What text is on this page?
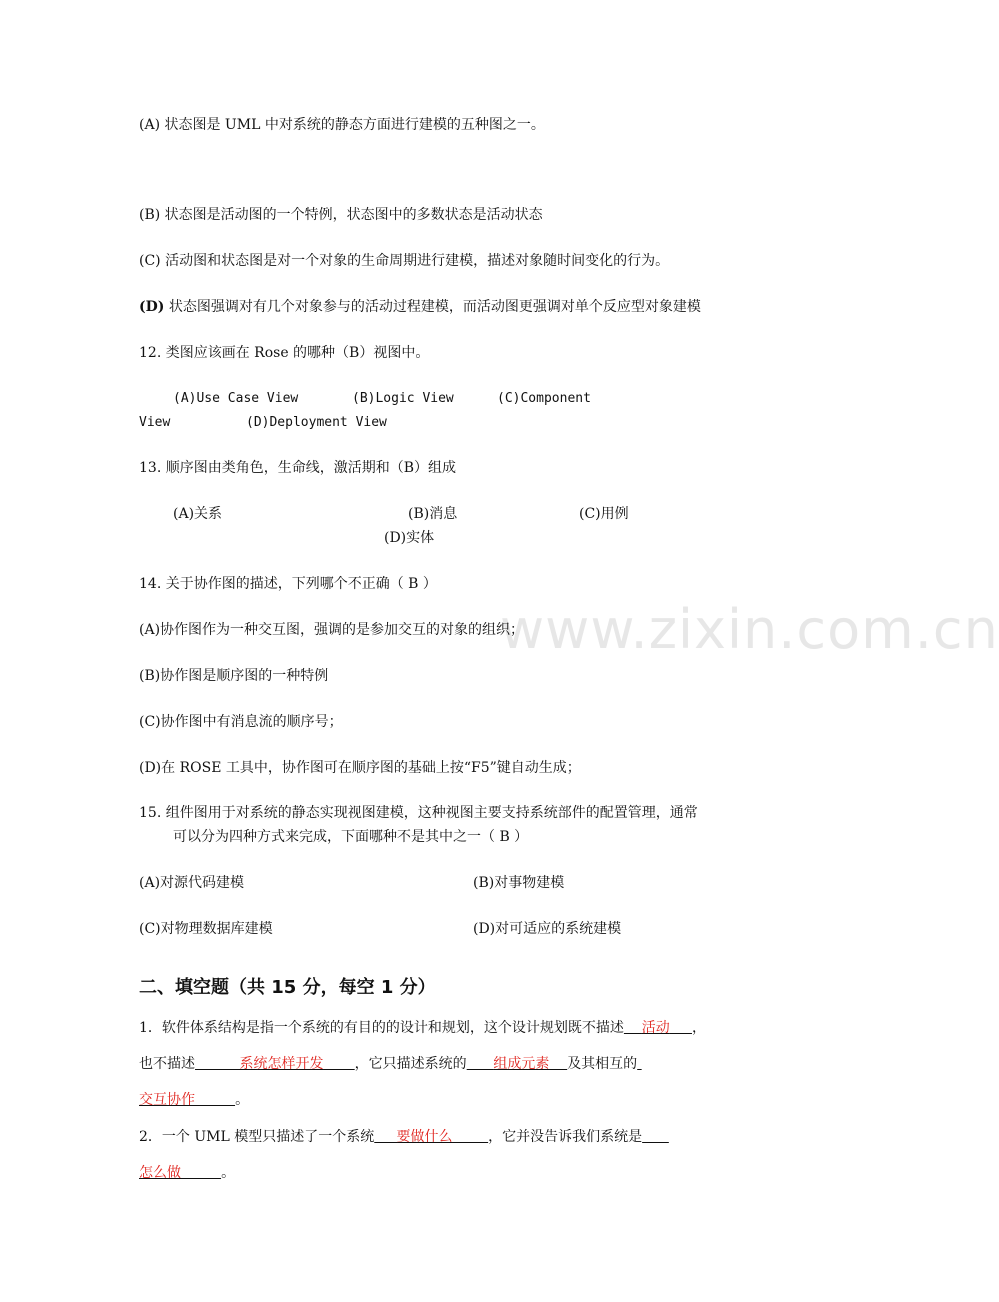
www.zixin.com.cn
(A) 状态图是 UML 中对系统的静态方面进行建模的五种图之一。
(B) 状态图是活动图的一个特例，状态图中的多数状态是活动状态
(C) 活动图和状态图是对一个对象的生命周期进行建模，描述对象随时间变化的行为。
(D) 状态图强调对有几个对象参与的活动过程建模，而活动图更强调对单个反应型对象建模
12. 类图应该画在 Rose 的哪种（B）视图中。
(A)Use Case View	(B)Logic View	(C)Component
View	(D)Deployment View
13. 顺序图由类角色，生命线，激活期和（B）组成
(A)关系	(B)消息	(C)用例
(D)实体
14. 关于协作图的描述，下列哪个不正确（ B ）
(A)协作图作为一种交互图，强调的是参加交互的对象的组织；
(B)协作图是顺序图的一种特例
(C)协作图中有消息流的顺序号；
(D)在 ROSE 工具中，协作图可在顺序图的基础上按“F5”键自动生成；
15. 组件图用于对系统的静态实现视图建模，这种视图主要支持系统部件的配置管理，通常
可以分为四种方式来完成，下面哪种不是其中之一（ B ）
(A)对源代码建模	(B)对事物建模
(C)对物理数据库建模	(D)对可适应的系统建模
二、填空题（共 15 分，每空 1 分）
1．软件体系结构是指一个系统的有目的的设计和规划，这个设计规划既不描述 活动 ，
也不描述	系统怎样开发 ，它只描述系统的 组成元素 及其相互的
交互协作	。
2．一个 UML 模型只描述了一个系统 要做什么	，它并没告诉我们系统是
怎么做	。
